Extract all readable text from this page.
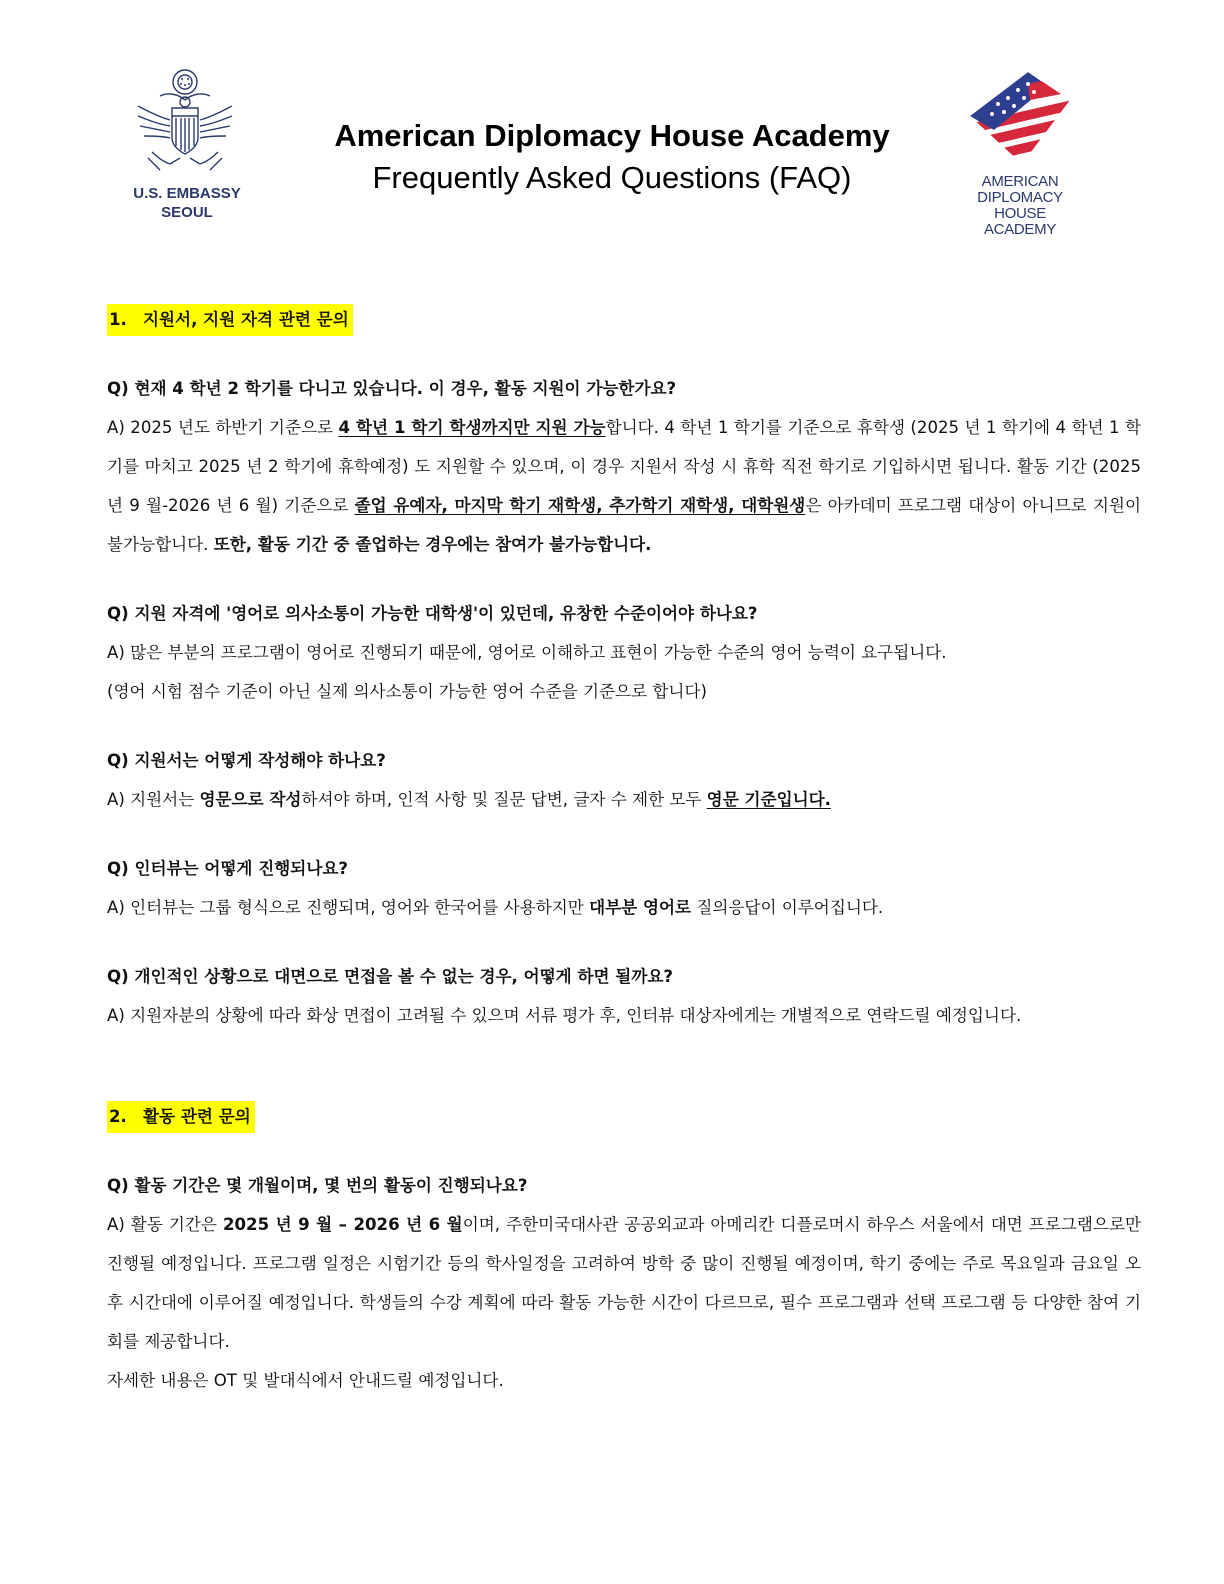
U.S. EMBASSY
SEOUL
American Diplomacy House Academy
Frequently Asked Questions (FAQ)	AMERICAN
DIPLOMACY
HOUSE
ACADEMY
1. 지원서, 지원 자격 관련 문의
Q) 현재 4 학년 2 학기를 다니고 있습니다. 이 경우, 활동 지원이 가능한가요?
A) 2025 년도 하반기 기준으로 4 학년 1 학기 학생까지만 지원 가능합니다. 4 학년 1 학기를 기준으로 휴학생 (2025 년 1 학기에 4 학년 1 학기를 마치고 2025 년 2 학기에 휴학예정) 도 지원할 수 있으며, 이 경우 지원서 작성 시 휴학 직전 학기로 기입하시면 됩니다. 활동 기간 (2025 년 9 월-2026 년 6 월) 기준으로 졸업 유예자, 마지막 학기 재학생, 추가학기 재학생, 대학원생은 아카데미 프로그램 대상이 아니므로 지원이 불가능합니다. 또한, 활동 기간 중 졸업하는 경우에는 참여가 불가능합니다.
Q) 지원 자격에 '영어로 의사소통이 가능한 대학생'이 있던데, 유창한 수준이어야 하나요?
A) 많은 부분의 프로그램이 영어로 진행되기 때문에, 영어로 이해하고 표현이 가능한 수준의 영어 능력이 요구됩니다.
(영어 시험 점수 기준이 아닌 실제 의사소통이 가능한 영어 수준을 기준으로 합니다)
Q) 지원서는 어떻게 작성해야 하나요?
A) 지원서는 영문으로 작성하셔야 하며, 인적 사항 및 질문 답변, 글자 수 제한 모두 영문 기준입니다.
Q) 인터뷰는 어떻게 진행되나요?
A) 인터뷰는 그룹 형식으로 진행되며, 영어와 한국어를 사용하지만 대부분 영어로 질의응답이 이루어집니다.
Q) 개인적인 상황으로 대면으로 면접을 볼 수 없는 경우, 어떻게 하면 될까요?
A) 지원자분의 상황에 따라 화상 면접이 고려될 수 있으며 서류 평가 후, 인터뷰 대상자에게는 개별적으로 연락드릴 예정입니다.
2. 활동 관련 문의
Q) 활동 기간은 몇 개월이며, 몇 번의 활동이 진행되나요?
A) 활동 기간은 2025 년 9 월 – 2026 년 6 월이며, 주한미국대사관 공공외교과 아메리칸 디플로머시 하우스 서울에서 대면 프로그램으로만 진행될 예정입니다. 프로그램 일정은 시험기간 등의 학사일정을 고려하여 방학 중 많이 진행될 예정이며, 학기 중에는 주로 목요일과 금요일 오후 시간대에 이루어질 예정입니다. 학생들의 수강 계획에 따라 활동 가능한 시간이 다르므로, 필수 프로그램과 선택 프로그램 등 다양한 참여 기회를 제공합니다.
자세한 내용은 OT 및 발대식에서 안내드릴 예정입니다.
